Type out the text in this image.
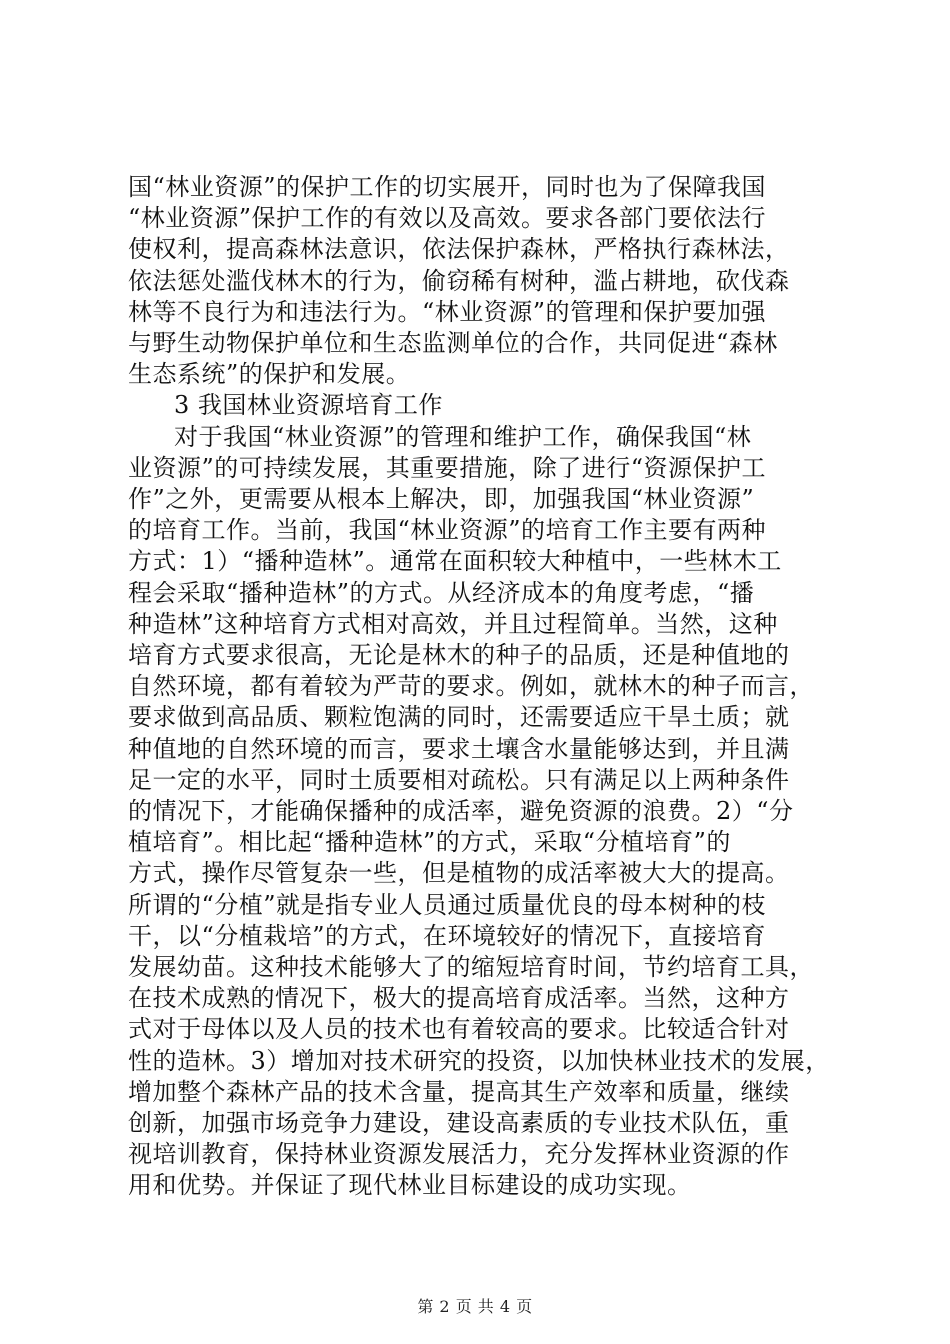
国“林业资源”的保护工作的切实展开，同时也为了保障我国
“林业资源”保护工作的有效以及高效。要求各部门要依法行
使权利，提高森林法意识，依法保护森林，严格执行森林法，
依法惩处滥伐林木的行为，偷窃稀有树种，滥占耕地，砍伐森
林等不良行为和违法行为。“林业资源”的管理和保护要加强
与野生动物保护单位和生态监测单位的合作，共同促进“森林
生态系统”的保护和发展。
3 我国林业资源培育工作
对于我国“林业资源”的管理和维护工作，确保我国“林
业资源”的可持续发展，其重要措施，除了进行“资源保护工
作”之外，更需要从根本上解决，即，加强我国“林业资源”
的培育工作。当前，我国“林业资源”的培育工作主要有两种
方式：1）“播种造林”。通常在面积较大种植中，一些林木工
程会采取“播种造林”的方式。从经济成本的角度考虑，“播
种造林”这种培育方式相对高效，并且过程简单。当然，这种
培育方式要求很高，无论是林木的种子的品质，还是种值地的
自然环境，都有着较为严苛的要求。例如，就林木的种子而言，
要求做到高品质、颗粒饱满的同时，还需要适应干旱土质；就
种值地的自然环境的而言，要求土壤含水量能够达到，并且满
足一定的水平，同时土质要相对疏松。只有满足以上两种条件
的情况下，才能确保播种的成活率，避免资源的浪费。2）“分
植培育”。相比起“播种造林”的方式，采取“分植培育”的
方式，操作尽管复杂一些，但是植物的成活率被大大的提高。
所谓的“分植”就是指专业人员通过质量优良的母本树种的枝
干，以“分植栽培”的方式，在环境较好的情况下，直接培育
发展幼苗。这种技术能够大了的缩短培育时间，节约培育工具，
在技术成熟的情况下，极大的提高培育成活率。当然，这种方
式对于母体以及人员的技术也有着较高的要求。比较适合针对
性的造林。3）增加对技术研究的投资，以加快林业技术的发展，
增加整个森林产品的技术含量，提高其生产效率和质量，继续
创新，加强市场竞争力建设，建设高素质的专业技术队伍，重
视培训教育，保持林业资源发展活力，充分发挥林业资源的作
用和优势。并保证了现代林业目标建设的成功实现。
第 2 页 共 4 页
